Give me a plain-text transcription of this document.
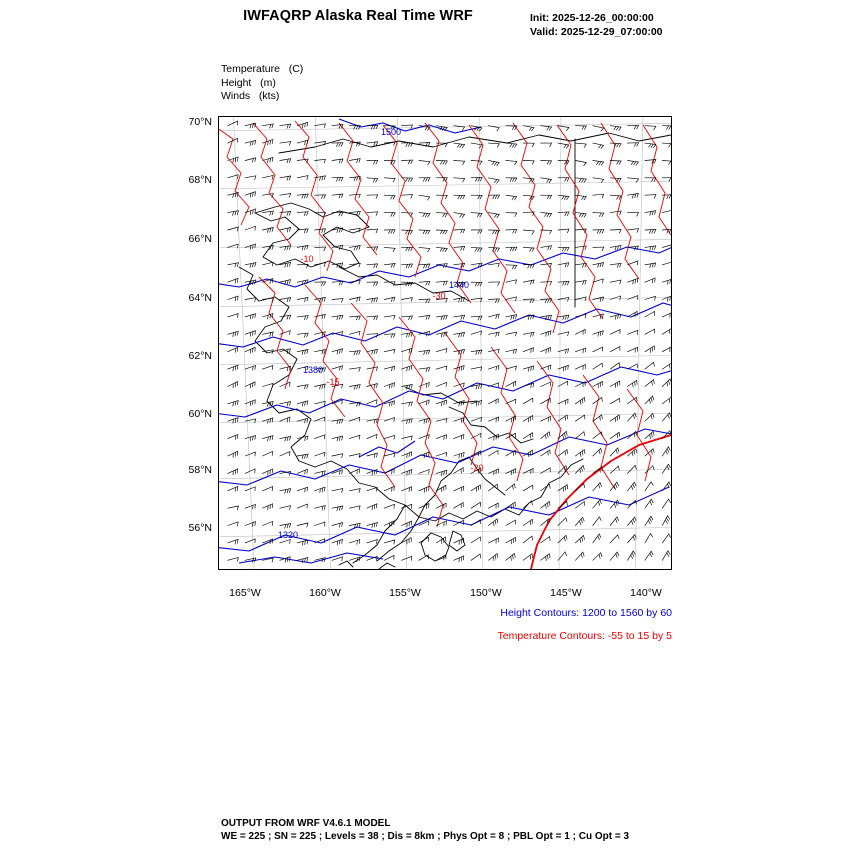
IWFAQRP Alaska Real Time WRF	Init: 2025-12-26_00:00:00
Valid: 2025-12-29_07:00:00
Temperature   (C)
Height   (m)
Winds   (kts)
70°N
68°N
66°N
64°N
62°N
60°N
58°N
56°N
165°W	160°W	155°W	150°W	145°W	140°W
1500
1440
1380
1320
-10
-30
-15
-20
Height Contours: 1200 to 1560 by 60
Temperature Contours: -55 to 15 by 5
OUTPUT FROM WRF V4.6.1 MODEL
WE = 225 ; SN = 225 ; Levels = 38 ; Dis = 8km ; Phys Opt = 8 ; PBL Opt = 1 ; Cu Opt = 3
